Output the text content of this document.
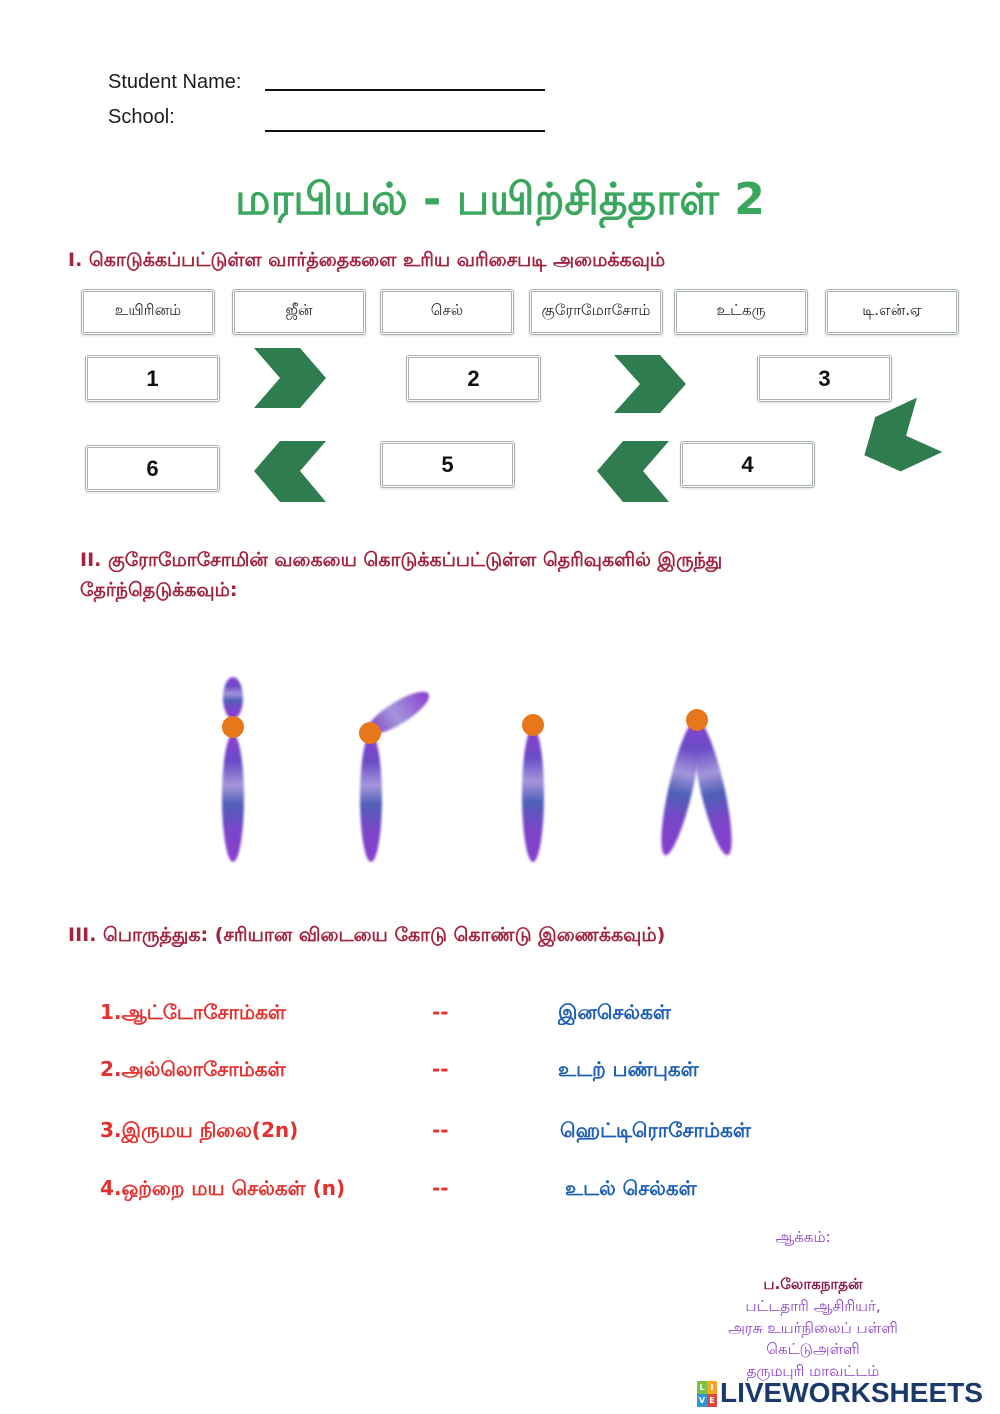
Student Name:
School:
மரபியல் - பயிற்சித்தாள் 2
I. கொடுக்கப்பட்டுள்ள வார்த்தைகளை உரிய வரிசைபடி அமைக்கவும்
உயிரினம்	ஜீன்	செல்	குரோமோசோம்	உட்கரு	டி.என்.ஏ
1	2	3
4
5
6
II. குரோமோசோமின் வகையை கொடுக்கப்பட்டுள்ள தெரிவுகளில் இருந்து
தேர்ந்தெடுக்கவும்:
III. பொருத்துக: (சரியான விடையை கோடு கொண்டு இணைக்கவும்)
1.ஆட்டோசோம்கள்	--	இனசெல்கள்
2.அல்லொசோம்கள்	--	உடற் பண்புகள்
3.இருமய நிலை(2n)	--	ஹெட்டிரொசோம்கள்
4.ஒற்றை மய செல்கள் (n)	--	உடல் செல்கள்
ஆக்கம்:
ப.லோகநாதன்
பட்டதாரி ஆசிரியர்,
அரசு உயர்நிலைப் பள்ளி
கெட்டுஅள்ளி
தருமபுரி மாவட்டம்
L I
V E LIVEWORKSHEETS
